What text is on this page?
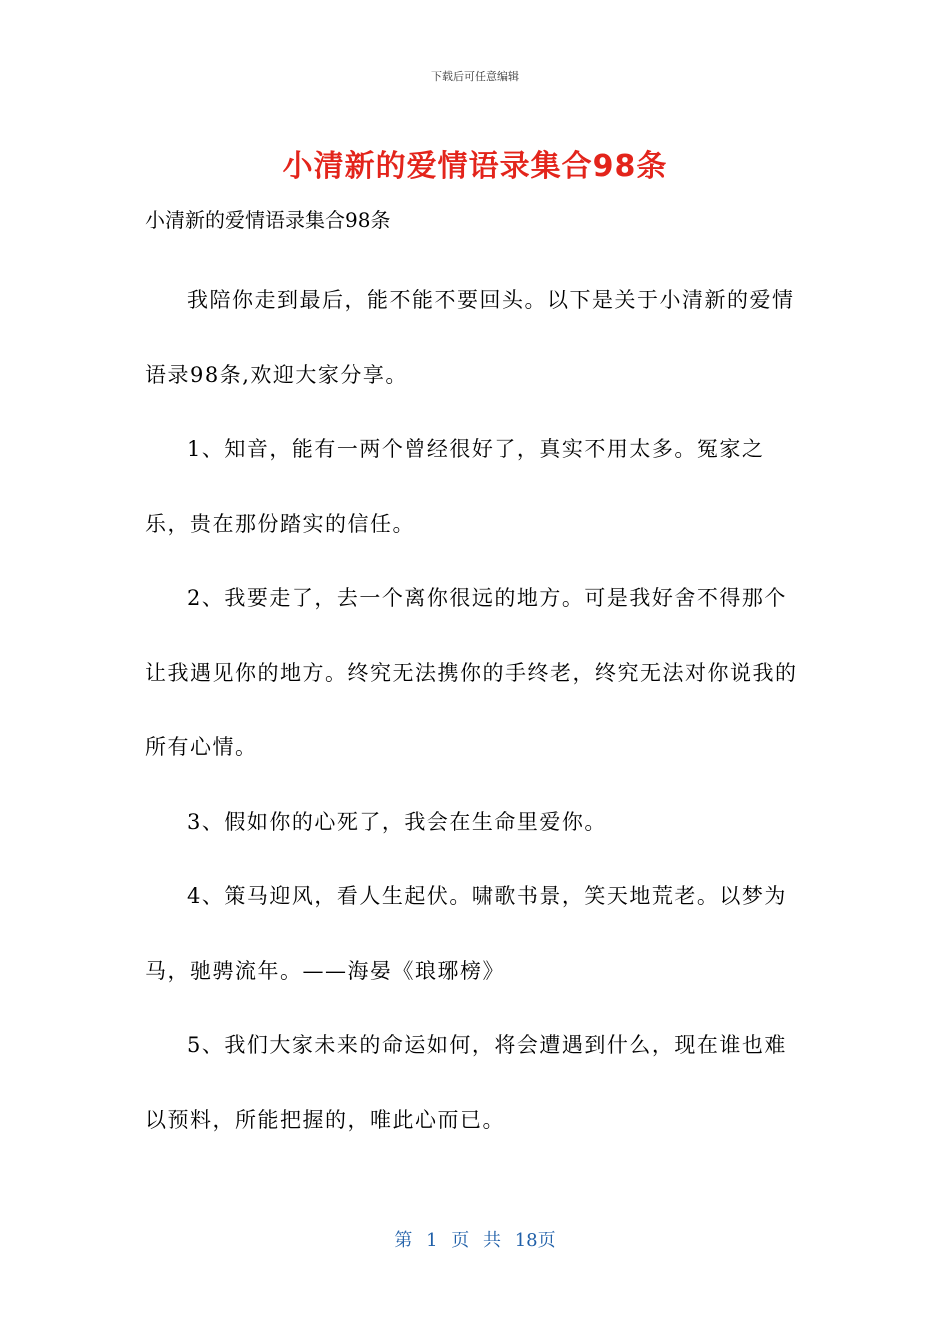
下载后可任意编辑
小清新的爱情语录集合98条
小清新的爱情语录集合98条

我陪你走到最后，能不能不要回头。以下是关于小清新的爱情语录98条,欢迎大家分享。

1、知音，能有一两个曾经很好了，真实不用太多。冤家之乐，贵在那份踏实的信任。

2、我要走了，去一个离你很远的地方。可是我好舍不得那个让我遇见你的地方。终究无法携你的手终老，终究无法对你说我的所有心情。

3、假如你的心死了，我会在生命里爱你。

4、策马迎风，看人生起伏。啸歌书景，笑天地荒老。以梦为马，驰骋流年。——海晏《琅琊榜》

5、我们大家未来的命运如何，将会遭遇到什么，现在谁也难以预料，所能把握的，唯此心而已。

第 1 页 共 18页
